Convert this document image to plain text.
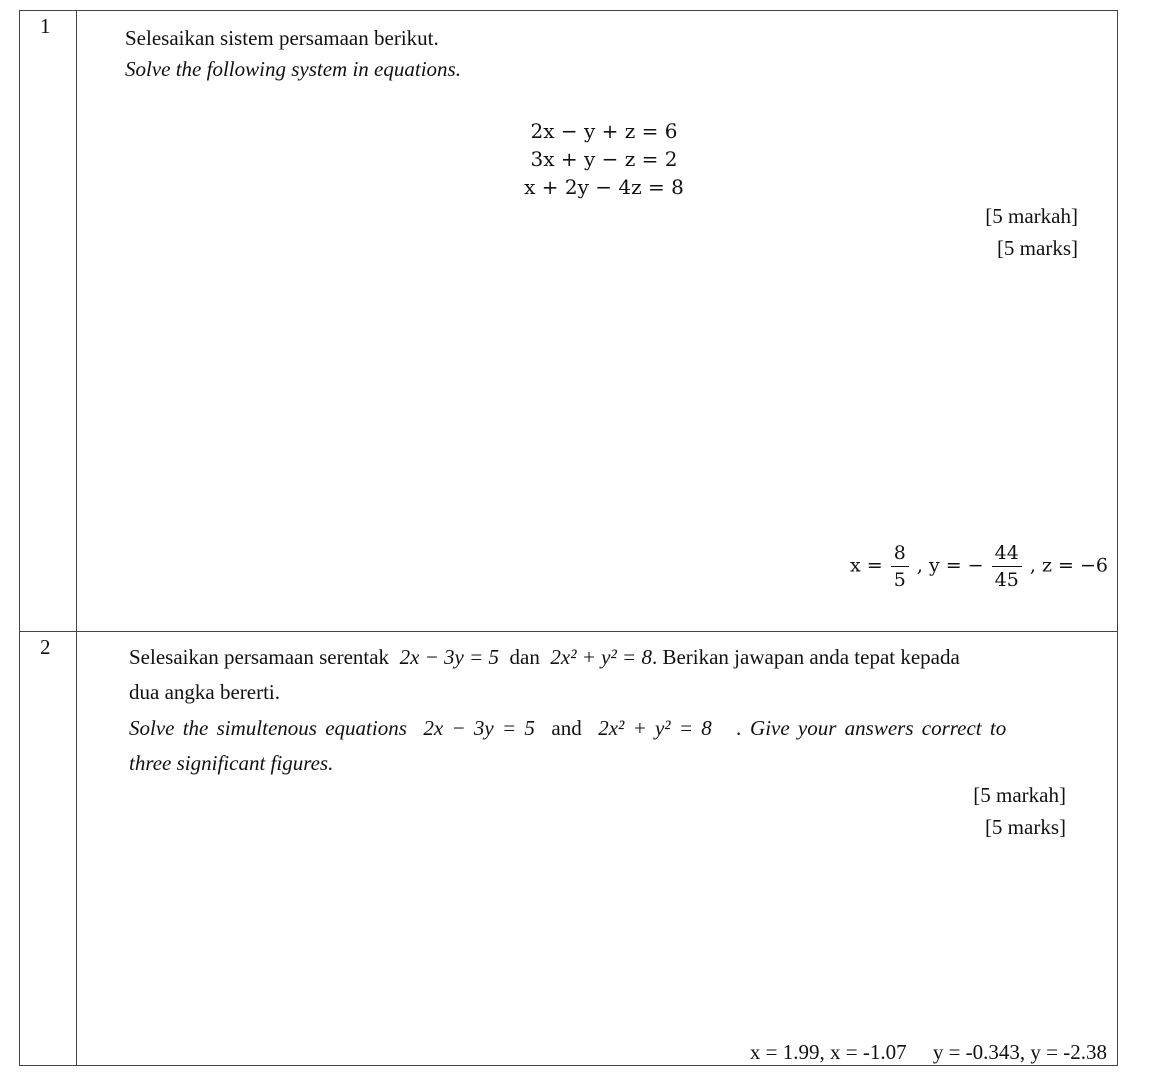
1	Selesaikan sistem persamaan berikut.
Solve the following system in equations.
2x − y + z = 6
3x + y − z = 2
x + 2y − 4z = 8
[5 markah]
[5 marks]
$x = \frac{8}{5}$ , y = − $\frac{44}{45}$ , z = −6
2	Selesaikan persamaan serentak 2x − 3y = 5 dan 2x² + y² = 8. Berikan jawapan anda tepat kepada
dua angka bererti.
Solve the simultenous equations 2x − 3y = 5 and 2x² + y² = 8 . Give your answers correct to
three significant figures.
[5 markah]
[5 marks]
x = 1.99, x = -1.07     y = -0.343, y = -2.38
